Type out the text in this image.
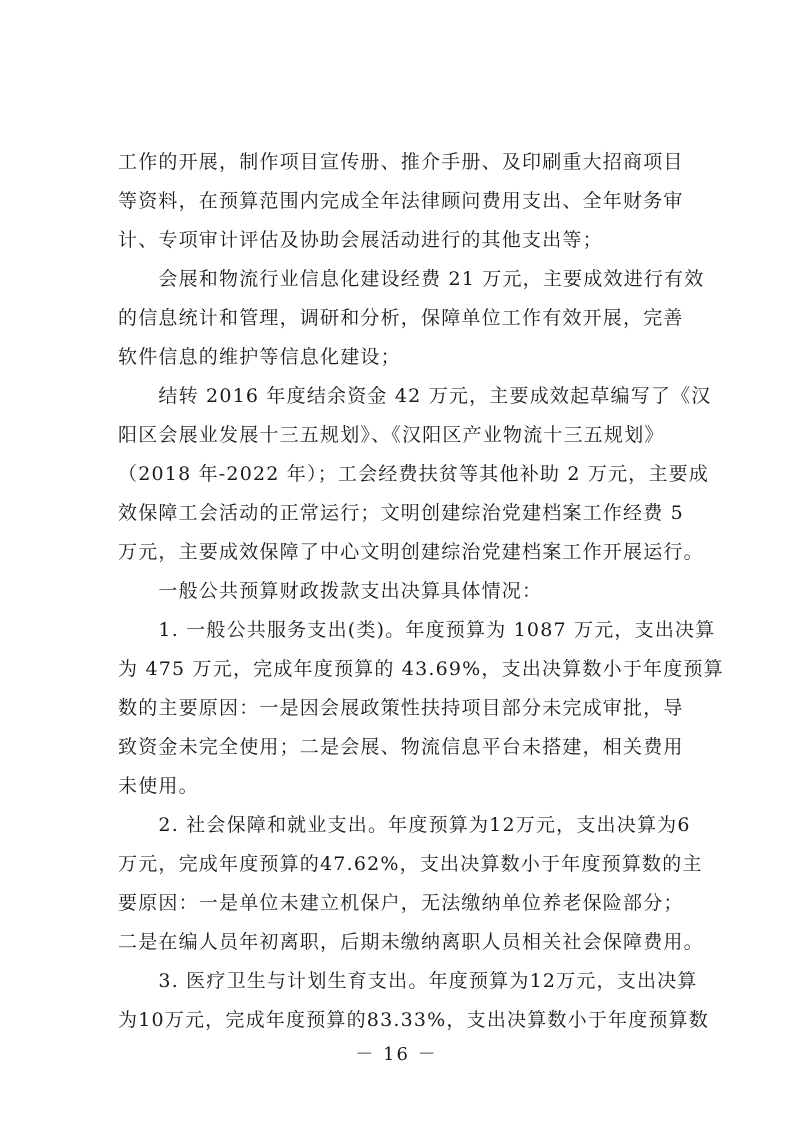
工作的开展，制作项目宣传册、推介手册、及印刷重大招商项目
等资料，在预算范围内完成全年法律顾问费用支出、全年财务审
计、专项审计评估及协助会展活动进行的其他支出等；
　　会展和物流行业信息化建设经费 21 万元，主要成效进行有效
的信息统计和管理，调研和分析，保障单位工作有效开展，完善
软件信息的维护等信息化建设；
　　结转 2016 年度结余资金 42 万元，主要成效起草编写了《汉
阳区会展业发展十三五规划》、《汉阳区产业物流十三五规划》
（2018 年-2022 年）；工会经费扶贫等其他补助 2 万元，主要成
效保障工会活动的正常运行；文明创建综治党建档案工作经费 5
万元，主要成效保障了中心文明创建综治党建档案工作开展运行。
　　一般公共预算财政拨款支出决算具体情况：
　　1. 一般公共服务支出(类)。年度预算为 1087 万元，支出决算
为 475 万元，完成年度预算的 43.69%，支出决算数小于年度预算
数的主要原因：一是因会展政策性扶持项目部分未完成审批，导
致资金未完全使用；二是会展、物流信息平台未搭建，相关费用
未使用。
　　2. 社会保障和就业支出。年度预算为12万元，支出决算为6
万元，完成年度预算的47.62%，支出决算数小于年度预算数的主
要原因：一是单位未建立机保户，无法缴纳单位养老保险部分；
二是在编人员年初离职，后期未缴纳离职人员相关社会保障费用。
　　3. 医疗卫生与计划生育支出。年度预算为12万元，支出决算
为10万元，完成年度预算的83.33%，支出决算数小于年度预算数
－ 16 －
